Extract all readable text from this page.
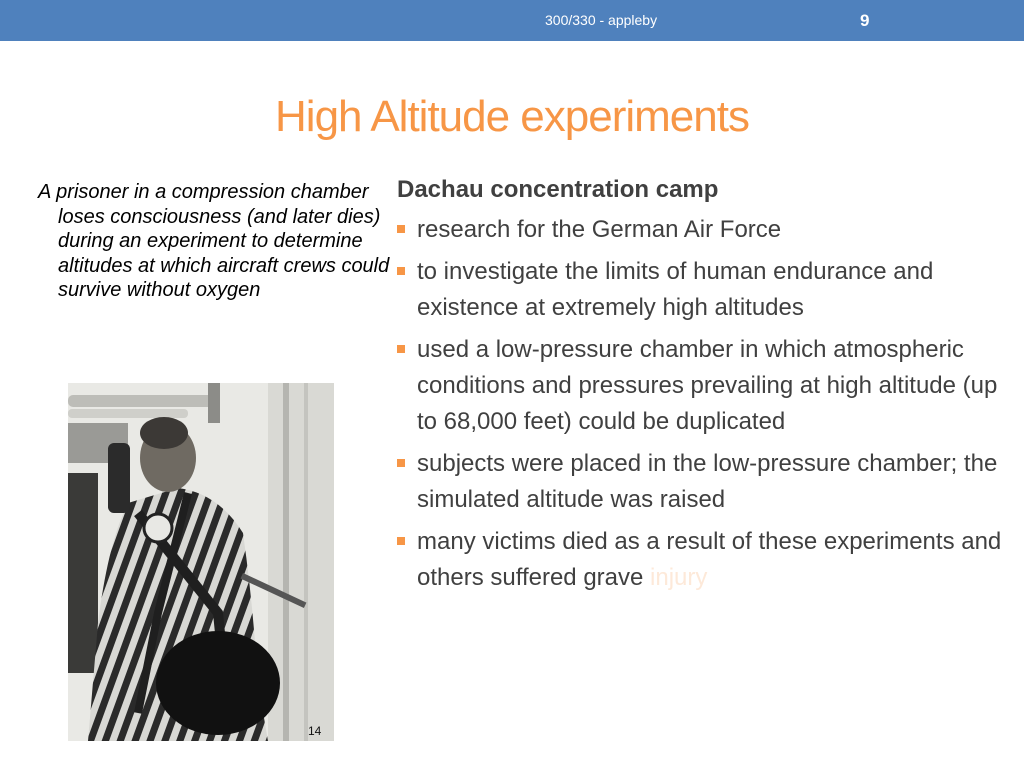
300/330 - appleby	9
High Altitude experiments

A prisoner in a compression chamber loses consciousness (and later dies) during an experiment to determine altitudes at which aircraft crews could survive without oxygen

14
Dachau concentration camp
research for the German Air Force
to investigate the limits of human endurance and existence at extremely high altitudes
used a low-pressure chamber in which atmospheric conditions and pressures prevailing at high altitude (up to 68,000 feet) could be duplicated
subjects were placed in the low-pressure chamber; the simulated altitude was raised
many victims died as a result of these experiments and others suffered grave injury
